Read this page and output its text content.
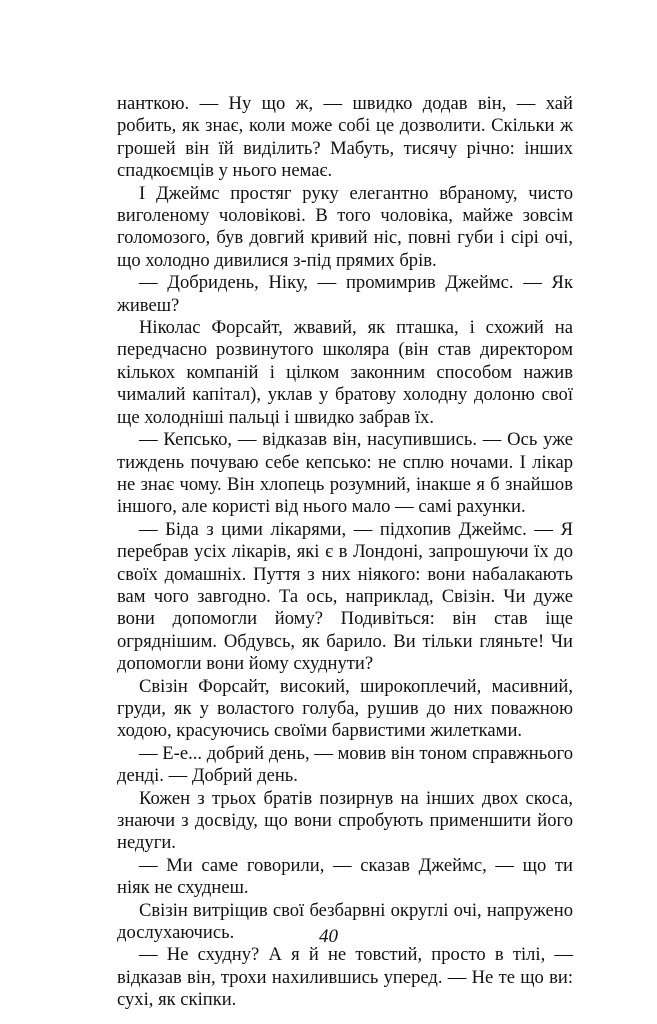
нанткою. — Ну що ж, — швидко додав він, — хай робить, як знає, коли може собі це дозволити. Скільки ж грошей він їй виділить? Мабуть, тисячу річно: інших спадкоємців у нього немає.

І Джеймс простяг руку елегантно вбраному, чисто виголеному чоловікові. В того чоловіка, майже зовсім голомозого, був довгий кривий ніс, повні губи і сірі очі, що холодно дивилися з-під прямих брів.

— Добридень, Ніку, — промимрив Джеймс. — Як живеш?

Ніколас Форсайт, жвавий, як пташка, і схожий на передчасно розвинутого школяра (він став директором кількох компаній і цілком законним способом нажив чималий капітал), уклав у братову холодну долоню свої ще холодніші пальці і швидко забрав їх.

— Кепсько, — відказав він, насупившись. — Ось уже тиждень почуваю себе кепсько: не сплю ночами. І лікар не знає чому. Він хлопець розумний, інакше я б знайшов іншого, але користі від нього мало — самі рахунки.

— Біда з цими лікарями, — підхопив Джеймс. — Я перебрав усіх лікарів, які є в Лондоні, запрошуючи їх до своїх домашніх. Пуття з них ніякого: вони набалакають вам чого завгодно. Та ось, наприклад, Свізін. Чи дуже вони допомогли йому? Подивіться: він став іще огряднішим. Обдувсь, як барило. Ви тільки гляньте! Чи допомогли вони йому схуднути?

Свізін Форсайт, високий, широкоплечий, масивний, груди, як у воластого голуба, рушив до них поважною ходою, красуючись своїми барвистими жилетками.

— Е-е... добрий день, — мовив він тоном справжнього денді. — Добрий день.

Кожен з трьох братів позирнув на інших двох скоса, знаючи з досвіду, що вони спробують применшити його недуги.

— Ми саме говорили, — сказав Джеймс, — що ти ніяк не схуднеш.

Свізін витріщив свої безбарвні округлі очі, напружено дослухаючись.

— Не схудну? А я й не товстий, просто в тілі, — відказав він, трохи нахилившись уперед. — Не те що ви: сухі, як скіпки.

40
